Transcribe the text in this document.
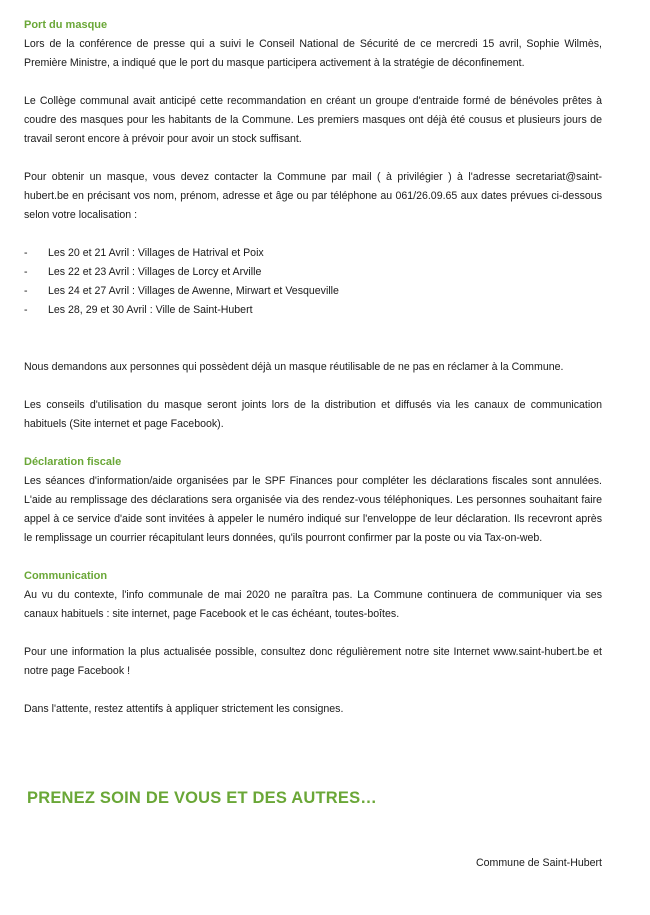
Port du masque

Lors de la conférence de presse qui a suivi le Conseil National de Sécurité de ce mercredi 15 avril, Sophie Wilmès, Première Ministre, a indiqué que le port du masque participera activement à la stratégie de déconfinement.

Le Collège communal avait anticipé cette recommandation en créant un groupe d'entraide formé de bénévoles prêtes à coudre des masques pour les habitants de la Commune. Les premiers masques ont déjà été cousus et plusieurs jours de travail seront encore à prévoir pour avoir un stock suffisant.

Pour obtenir un masque, vous devez contacter la Commune par mail ( à privilégier ) à l'adresse secretariat@saint-hubert.be en précisant vos nom, prénom, adresse et âge ou par téléphone au 061/26.09.65 aux dates prévues ci-dessous selon votre localisation :

- Les 20 et 21 Avril : Villages de Hatrival et Poix
- Les 22 et 23 Avril : Villages de Lorcy et Arville
- Les 24 et 27 Avril : Villages de Awenne, Mirwart et Vesqueville
- Les 28, 29 et 30 Avril : Ville de Saint-Hubert

Nous demandons aux personnes qui possèdent déjà un masque réutilisable de ne pas en réclamer à la Commune.

Les conseils d'utilisation du masque seront joints lors de la distribution et diffusés via les canaux de communication habituels (Site internet et page Facebook).

Déclaration fiscale

Les séances d'information/aide organisées par le SPF Finances pour compléter les déclarations fiscales sont annulées. L'aide au remplissage des déclarations sera organisée via des rendez-vous téléphoniques. Les personnes souhaitant faire appel à ce service d'aide sont invitées à appeler le numéro indiqué sur l'enveloppe de leur déclaration. Ils recevront après le remplissage un courrier récapitulant leurs données, qu'ils pourront confirmer par la poste ou via Tax-on-web.

Communication

Au vu du contexte, l'info communale de mai 2020 ne paraîtra pas. La Commune continuera de communiquer via ses canaux habituels : site internet, page Facebook et le cas échéant, toutes-boîtes.

Pour une information la plus actualisée possible, consultez donc régulièrement notre site Internet www.saint-hubert.be et notre page Facebook !

Dans l'attente, restez attentifs à appliquer strictement les consignes.

PRENEZ SOIN DE VOUS ET DES AUTRES…

Commune de Saint-Hubert
